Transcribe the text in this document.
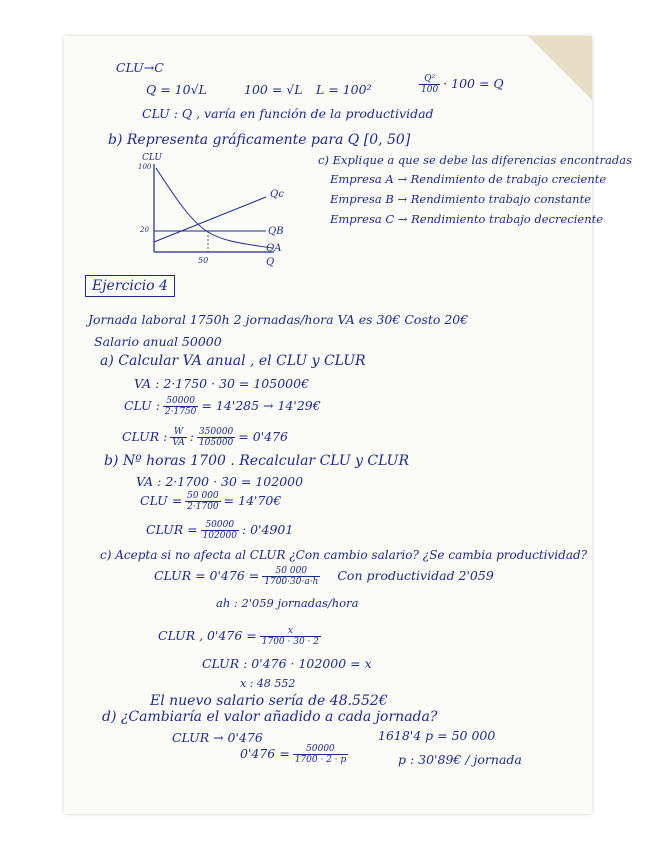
CLU→C
Q = 10√L	100 = √L L = 100²	$\frac{\text{Q²}}{100} \cdot 100 = Q$
CLU : Q , varía en función de la productividad
b) Representa gráficamente para Q [0, 50]
CLU
100
20
50	Q
Qc
QB
QA
c) Explique a que se debe las diferencias encontradas
Empresa A → Rendimiento de trabajo creciente
Empresa B → Rendimiento trabajo constante
Empresa C → Rendimiento trabajo decreciente
Ejercicio 4
Jornada laboral 1750h 2 jornadas/hora VA es 30€ Costo 20€
Salario anual 50000
a) Calcular VA anual , el CLU y CLUR
VA : 2·1750 · 30 = 105000€
CLU : $\frac{50000}{2\cdot 1750} = 14'285$ → 14'29€
CLUR : $\frac{W}{VA}$ : $\frac{350000}{105000} = 0'476$
b) Nº horas 1700 . Recalcular CLU y CLUR
VA : 2·1700 · 30 = 102000
CLU = $\frac{50 000}{2\cdot 1700}$ = 14'70€
CLUR = $\frac{50000}{102000}$ : 0'4901
c) Acepta si no afecta al CLUR ¿Con cambio salario? ¿Se cambia productividad?
CLUR = $0'476 = \frac{50 000}{1700\cdot 30\cdot a\cdot h}$ Con productividad 2'059
ah : 2'059 jornadas/hora
CLUR , $0'476 = \frac{x}{1700 \cdot 30 \cdot 2}$
CLUR : 0'476 · 102000 = x
x : 48 552
El nuevo salario sería de 48.552€
d) ¿Cambiaría el valor añadido a cada jornada?
CLUR → 0'476	1618'4 p = 50 000
$0'476 = \frac{50000}{1700 \cdot 2 \cdot p}$	p : 30'89€ / jornada
